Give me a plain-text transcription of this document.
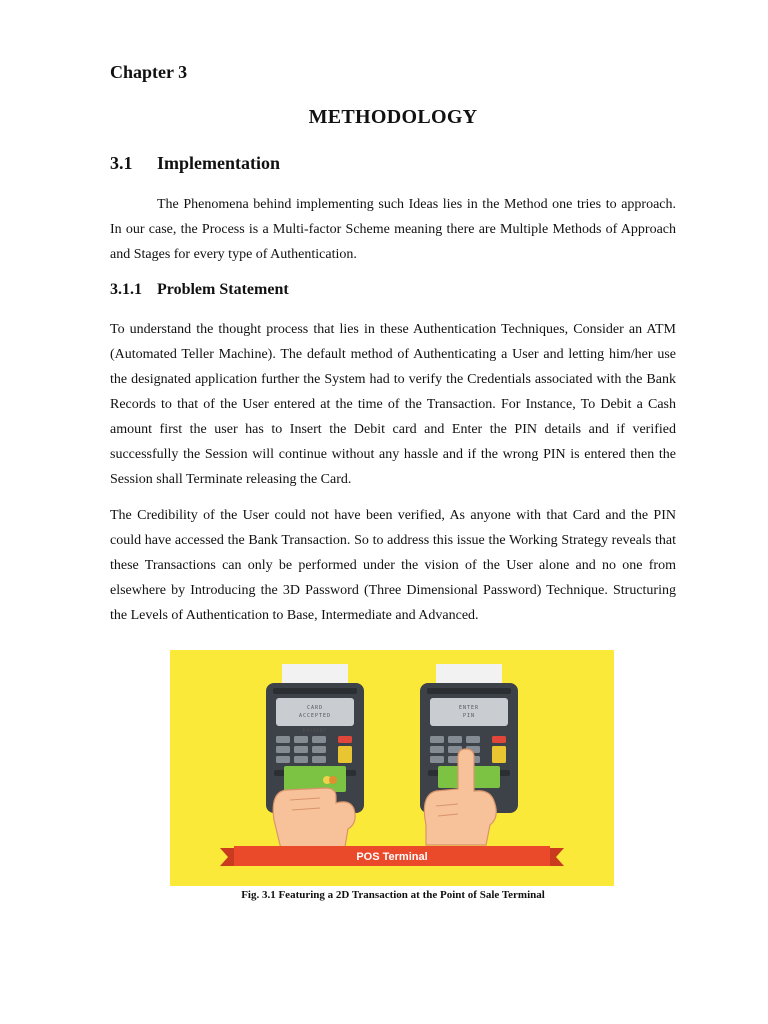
Chapter 3
METHODOLOGY
3.1 Implementation

The Phenomena behind implementing such Ideas lies in the Method one tries to approach. In our case, the Process is a Multi-factor Scheme meaning there are Multiple Methods of Approach and Stages for every type of Authentication.

3.1.1 Problem Statement

To understand the thought process that lies in these Authentication Techniques, Consider an ATM (Automated Teller Machine). The default method of Authenticating a User and letting him/her use the designated application further the System had to verify the Credentials associated with the Bank Records to that of the User entered at the time of the Transaction. For Instance, To Debit a Cash amount first the user has to Insert the Debit card and Enter the PIN details and if verified successfully the Session will continue without any hassle and if the wrong PIN is entered then the Session shall Terminate releasing the Card.

The Credibility of the User could not have been verified, As anyone with that Card and the PIN could have accessed the Bank Transaction. So to address this issue the Working Strategy reveals that these Transactions can only be performed under the vision of the User alone and no one from elsewhere by Introducing the 3D Password (Three Dimensional Password) Technique. Structuring the Levels of Authentication to Base, Intermediate and Advanced.

CARD
ACCEPTED
PAYMENT
ENTER
PIN
POS Terminal

Fig. 3.1 Featuring a 2D Transaction at the Point of Sale Terminal
